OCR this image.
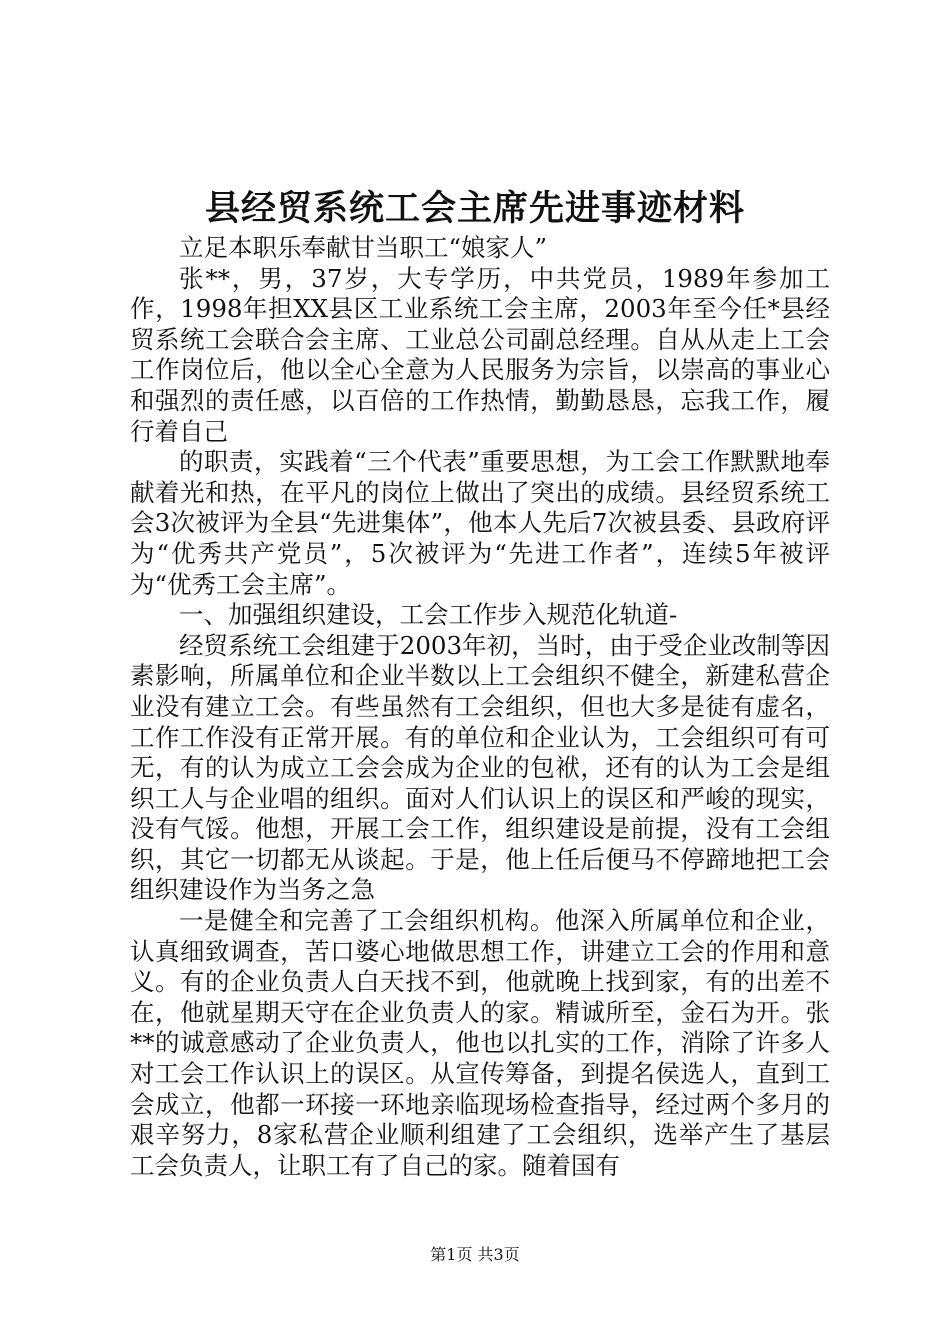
县经贸系统工会主席先进事迹材料

立足本职乐奉献甘当职工“娘家人”

张**，男，37岁，大专学历，中共党员，1989年参加工作，1998年担XX县区工业系统工会主席，2003年至今任*县经贸系统工会联合会主席、工业总公司副总经理。自从从走上工会工作岗位后，他以全心全意为人民服务为宗旨，以崇高的事业心和强烈的责任感，以百倍的工作热情，勤勤恳恳，忘我工作，履行着自己

的职责，实践着“三个代表”重要思想，为工会工作默默地奉献着光和热，在平凡的岗位上做出了突出的成绩。县经贸系统工会3次被评为全县“先进集体”，他本人先后7次被县委、县政府评为“优秀共产党员”，5次被评为“先进工作者”，连续5年被评为“优秀工会主席”。

一、加强组织建设，工会工作步入规范化轨道-

经贸系统工会组建于2003年初，当时，由于受企业改制等因素影响，所属单位和企业半数以上工会组织不健全，新建私营企业没有建立工会。有些虽然有工会组织，但也大多是徒有虚名，工作工作没有正常开展。有的单位和企业认为，工会组织可有可无，有的认为成立工会会成为企业的包袱，还有的认为工会是组织工人与企业唱的组织。面对人们认识上的误区和严峻的现实，没有气馁。他想，开展工会工作，组织建设是前提，没有工会组织，其它一切都无从谈起。于是，他上任后便马不停蹄地把工会组织建设作为当务之急

一是健全和完善了工会组织机构。他深入所属单位和企业，认真细致调查，苦口婆心地做思想工作，讲建立工会的作用和意义。有的企业负责人白天找不到，他就晚上找到家，有的出差不在，他就星期天守在企业负责人的家。精诚所至，金石为开。张**的诚意感动了企业负责人，他也以扎实的工作，消除了许多人对工会工作认识上的误区。从宣传筹备，到提名侯选人，直到工会成立，他都一环接一环地亲临现场检查指导，经过两个多月的艰辛努力，8家私营企业顺利组建了工会组织，选举产生了基层工会负责人，让职工有了自己的家。随着国有

第1页 共3页
